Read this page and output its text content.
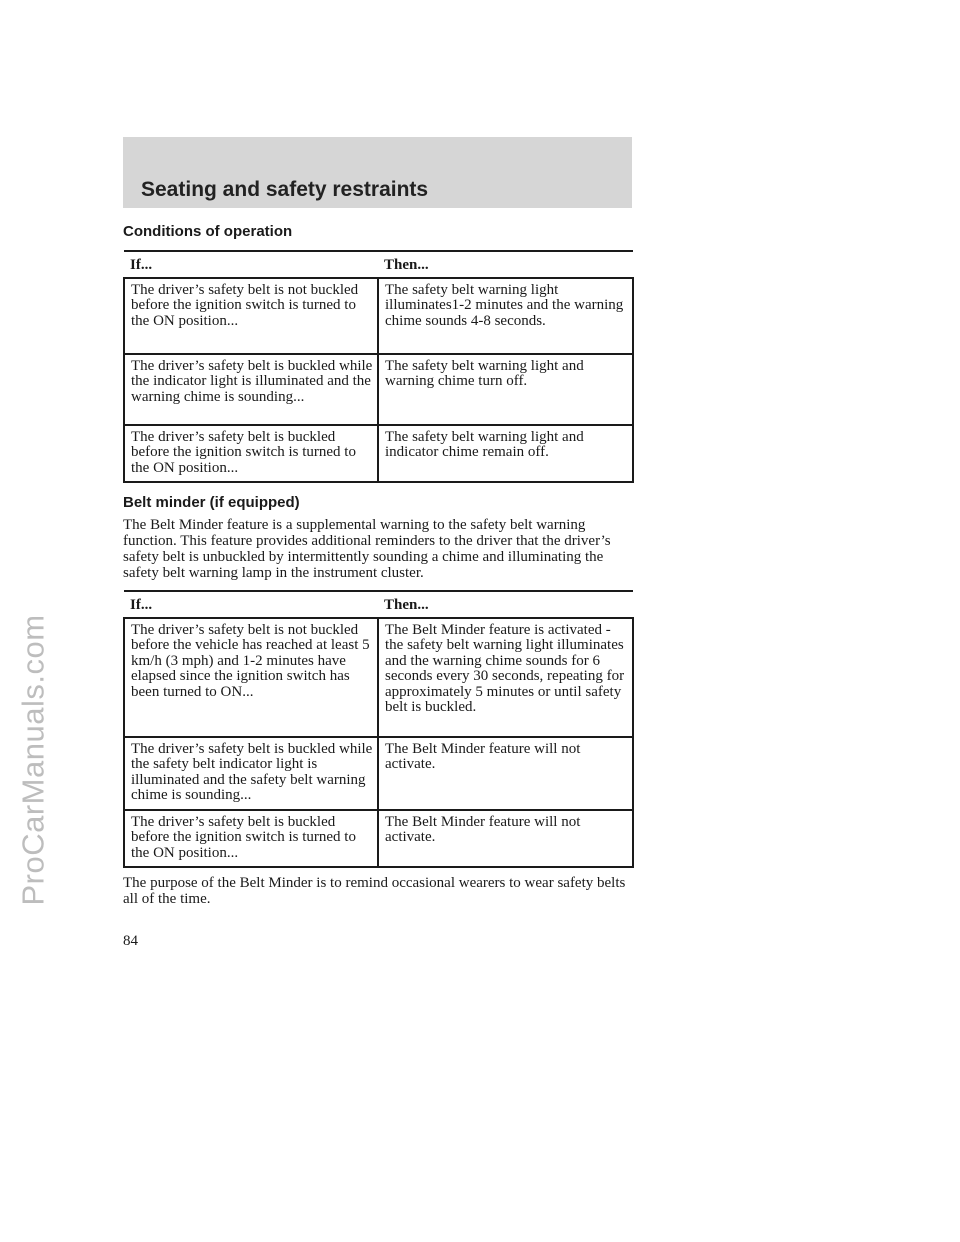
ProCarManuals.com
Seating and safety restraints
Conditions of operation
If...	Then...
The driver’s safety belt is not buckled before the ignition switch is turned to the ON position...	The safety belt warning light illuminates1-2 minutes and the warning chime sounds 4-8 seconds.
The driver’s safety belt is buckled while the indicator light is illuminated and the warning chime is sounding...	The safety belt warning light and warning chime turn off.
The driver’s safety belt is buckled before the ignition switch is turned to the ON position...	The safety belt warning light and indicator chime remain off.
Belt minder (if equipped)

The Belt Minder feature is a supplemental warning to the safety belt warning function. This feature provides additional reminders to the driver that the driver’s safety belt is unbuckled by intermittently sounding a chime and illuminating the safety belt warning lamp in the instrument cluster.

If...	Then...
The driver’s safety belt is not buckled before the vehicle has reached at least 5 km/h (3 mph) and 1-2 minutes have elapsed since the ignition switch has been turned to ON...	The Belt Minder feature is activated - the safety belt warning light illuminates and the warning chime sounds for 6 seconds every 30 seconds, repeating for approximately 5 minutes or until safety belt is buckled.
The driver’s safety belt is buckled while the safety belt indicator light is illuminated and the safety belt warning chime is sounding...	The Belt Minder feature will not activate.
The driver’s safety belt is buckled before the ignition switch is turned to the ON position...	The Belt Minder feature will not activate.

The purpose of the Belt Minder is to remind occasional wearers to wear safety belts all of the time.

84
